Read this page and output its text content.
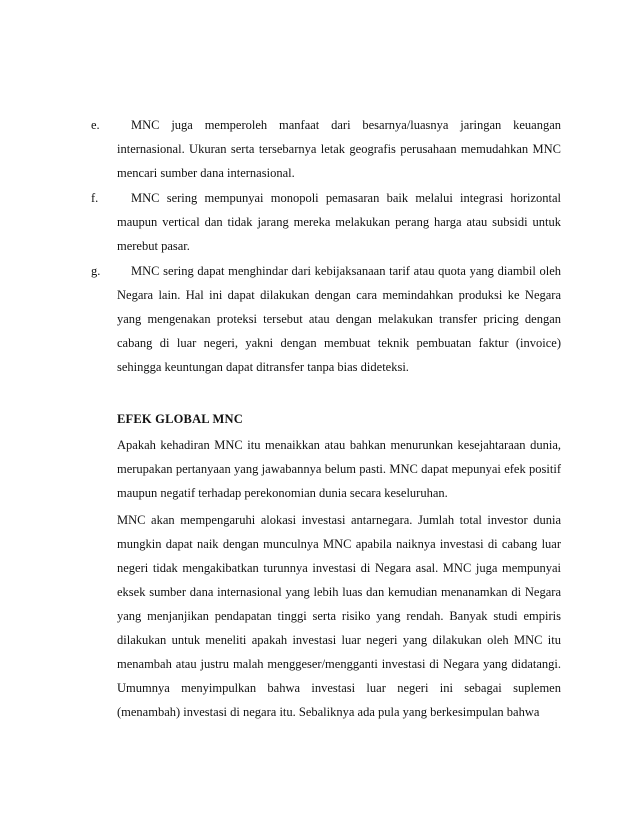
e.	MNC juga memperoleh manfaat dari besarnya/luasnya jaringan keuangan internasional. Ukuran serta tersebarnya letak geografis perusahaan memudahkan MNC mencari sumber dana internasional.
f.	MNC sering mempunyai monopoli pemasaran baik melalui integrasi horizontal maupun vertical dan tidak jarang mereka melakukan perang harga atau subsidi untuk merebut pasar.
g.	MNC sering dapat menghindar dari kebijaksanaan tarif atau quota yang diambil oleh Negara lain. Hal ini dapat dilakukan dengan cara memindahkan produksi ke Negara yang mengenakan proteksi tersebut atau dengan melakukan transfer pricing dengan cabang di luar negeri, yakni dengan membuat teknik pembuatan faktur (invoice) sehingga keuntungan dapat ditransfer tanpa bias dideteksi.
EFEK GLOBAL MNC
Apakah kehadiran MNC itu menaikkan atau bahkan menurunkan kesejahtaraan dunia, merupakan pertanyaan yang jawabannya belum pasti. MNC dapat mepunyai efek positif maupun negatif terhadap perekonomian dunia secara keseluruhan.
MNC akan mempengaruhi alokasi investasi antarnegara. Jumlah total investor dunia mungkin dapat naik dengan munculnya MNC apabila naiknya investasi di cabang luar negeri tidak mengakibatkan turunnya investasi di Negara asal. MNC juga mempunyai eksek sumber dana internasional yang lebih luas dan kemudian menanamkan di Negara yang menjanjikan pendapatan tinggi serta risiko yang rendah. Banyak studi empiris dilakukan untuk meneliti apakah investasi luar negeri yang dilakukan oleh MNC itu menambah atau justru malah menggeser/mengganti investasi di Negara yang didatangi. Umumnya menyimpulkan bahwa investasi luar negeri ini sebagai suplemen (menambah) investasi di negara itu. Sebaliknya ada pula yang berkesimpulan bahwa
